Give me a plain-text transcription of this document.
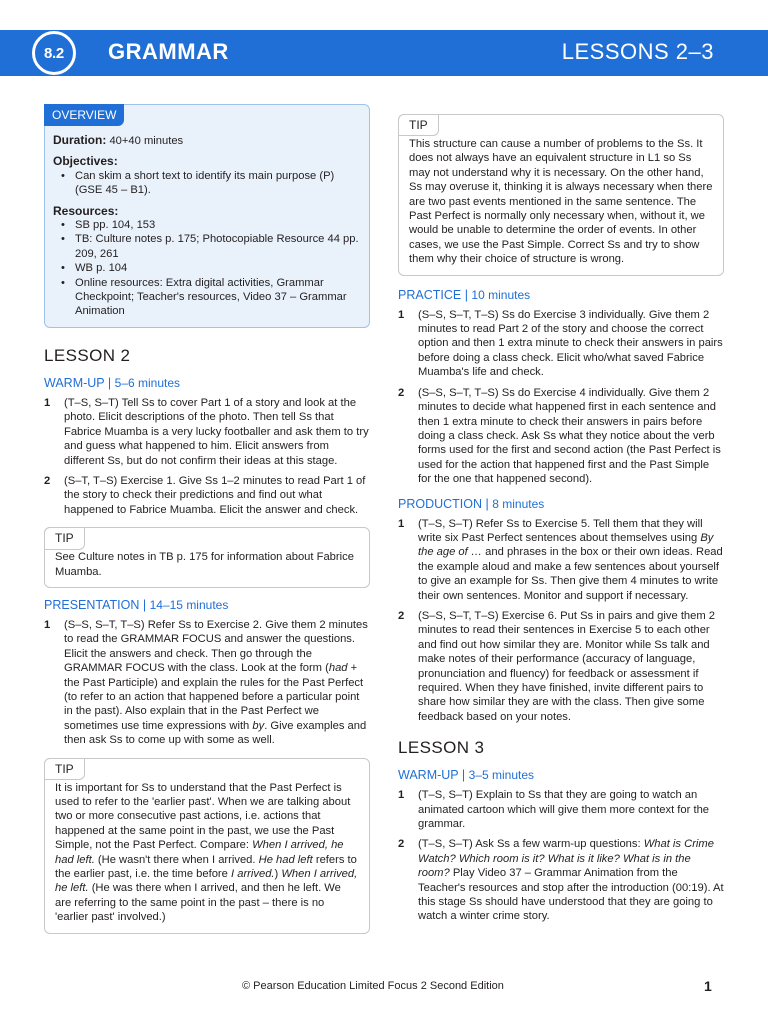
8.2 GRAMMAR	LESSONS 2–3
OVERVIEW
Duration: 40+40 minutes
Objectives:
• Can skim a short text to identify its main purpose (P) (GSE 45 – B1).
Resources:
• SB pp. 104, 153
• TB: Culture notes p. 175; Photocopiable Resource 44 pp. 209, 261
• WB p. 104
• Online resources: Extra digital activities, Grammar Checkpoint; Teacher's resources, Video 37 – Grammar Animation
LESSON 2
WARM-UP | 5–6 minutes
1	(T–S, S–T) Tell Ss to cover Part 1 of a story and look at the photo. Elicit descriptions of the photo. Then tell Ss that Fabrice Muamba is a very lucky footballer and ask them to try and guess what happened to him. Elicit answers from different Ss, but do not confirm their ideas at this stage.
2	(S–T, T–S) Exercise 1. Give Ss 1–2 minutes to read Part 1 of the story to check their predictions and find out what happened to Fabrice Muamba. Elicit the answer and check.
TIP
See Culture notes in TB p. 175 for information about Fabrice Muamba.
PRESENTATION | 14–15 minutes
1	(S–S, S–T, T–S) Refer Ss to Exercise 2. Give them 2 minutes to read the GRAMMAR FOCUS and answer the questions. Elicit the answers and check. Then go through the GRAMMAR FOCUS with the class. Look at the form (had + the Past Participle) and explain the rules for the Past Perfect (to refer to an action that happened before a particular point in the past). Also explain that in the Past Perfect we sometimes use time expressions with by. Give examples and then ask Ss to come up with some as well.
TIP
It is important for Ss to understand that the Past Perfect is used to refer to the 'earlier past'. When we are talking about two or more consecutive past actions, i.e. actions that happened at the same point in the past, we use the Past Simple, not the Past Perfect. Compare: When I arrived, he had left. (He wasn't there when I arrived. He had left refers to the earlier past, i.e. the time before I arrived.) When I arrived, he left. (He was there when I arrived, and then he left. We are referring to the same point in the past – there is no 'earlier past' involved.)
TIP
This structure can cause a number of problems to the Ss. It does not always have an equivalent structure in L1 so Ss may not understand why it is necessary. On the other hand, Ss may overuse it, thinking it is always necessary when there are two past events mentioned in the same sentence. The Past Perfect is normally only necessary when, without it, we would be unable to determine the order of events. In other cases, we use the Past Simple. Correct Ss and try to show them why their choice of structure is wrong.
PRACTICE | 10 minutes
1	(S–S, S–T, T–S) Ss do Exercise 3 individually. Give them 2 minutes to read Part 2 of the story and choose the correct option and then 1 extra minute to check their answers in pairs before doing a class check. Elicit who/what saved Fabrice Muamba's life and check.
2	(S–S, S–T, T–S) Ss do Exercise 4 individually. Give them 2 minutes to decide what happened first in each sentence and then 1 extra minute to check their answers in pairs before doing a class check. Ask Ss what they notice about the verb forms used for the first and second action (the Past Perfect is used for the action that happened first and the Past Simple for the one that happened second).
PRODUCTION | 8 minutes
1	(T–S, S–T) Refer Ss to Exercise 5. Tell them that they will write six Past Perfect sentences about themselves using By the age of … and phrases in the box or their own ideas. Read the example aloud and make a few sentences about yourself to give an example for Ss. Then give them 4 minutes to write their own sentences. Monitor and support if necessary.
2	(S–S, S–T, T–S) Exercise 6. Put Ss in pairs and give them 2 minutes to read their sentences in Exercise 5 to each other and find out how similar they are. Monitor while Ss talk and make notes of their performance (accuracy of language, pronunciation and fluency) for feedback or assessment if required. When they have finished, invite different pairs to share how similar they are with the class. Then give some feedback based on your notes.
LESSON 3
WARM-UP | 3–5 minutes
1	(T–S, S–T) Explain to Ss that they are going to watch an animated cartoon which will give them more context for the grammar.
2	(T–S, S–T) Ask Ss a few warm-up questions: What is Crime Watch? Which room is it? What is it like? What is in the room? Play Video 37 – Grammar Animation from the Teacher's resources and stop after the introduction (00:19). At this stage Ss should have understood that they are going to watch a winter crime story.
© Pearson Education Limited Focus 2 Second Edition	1
